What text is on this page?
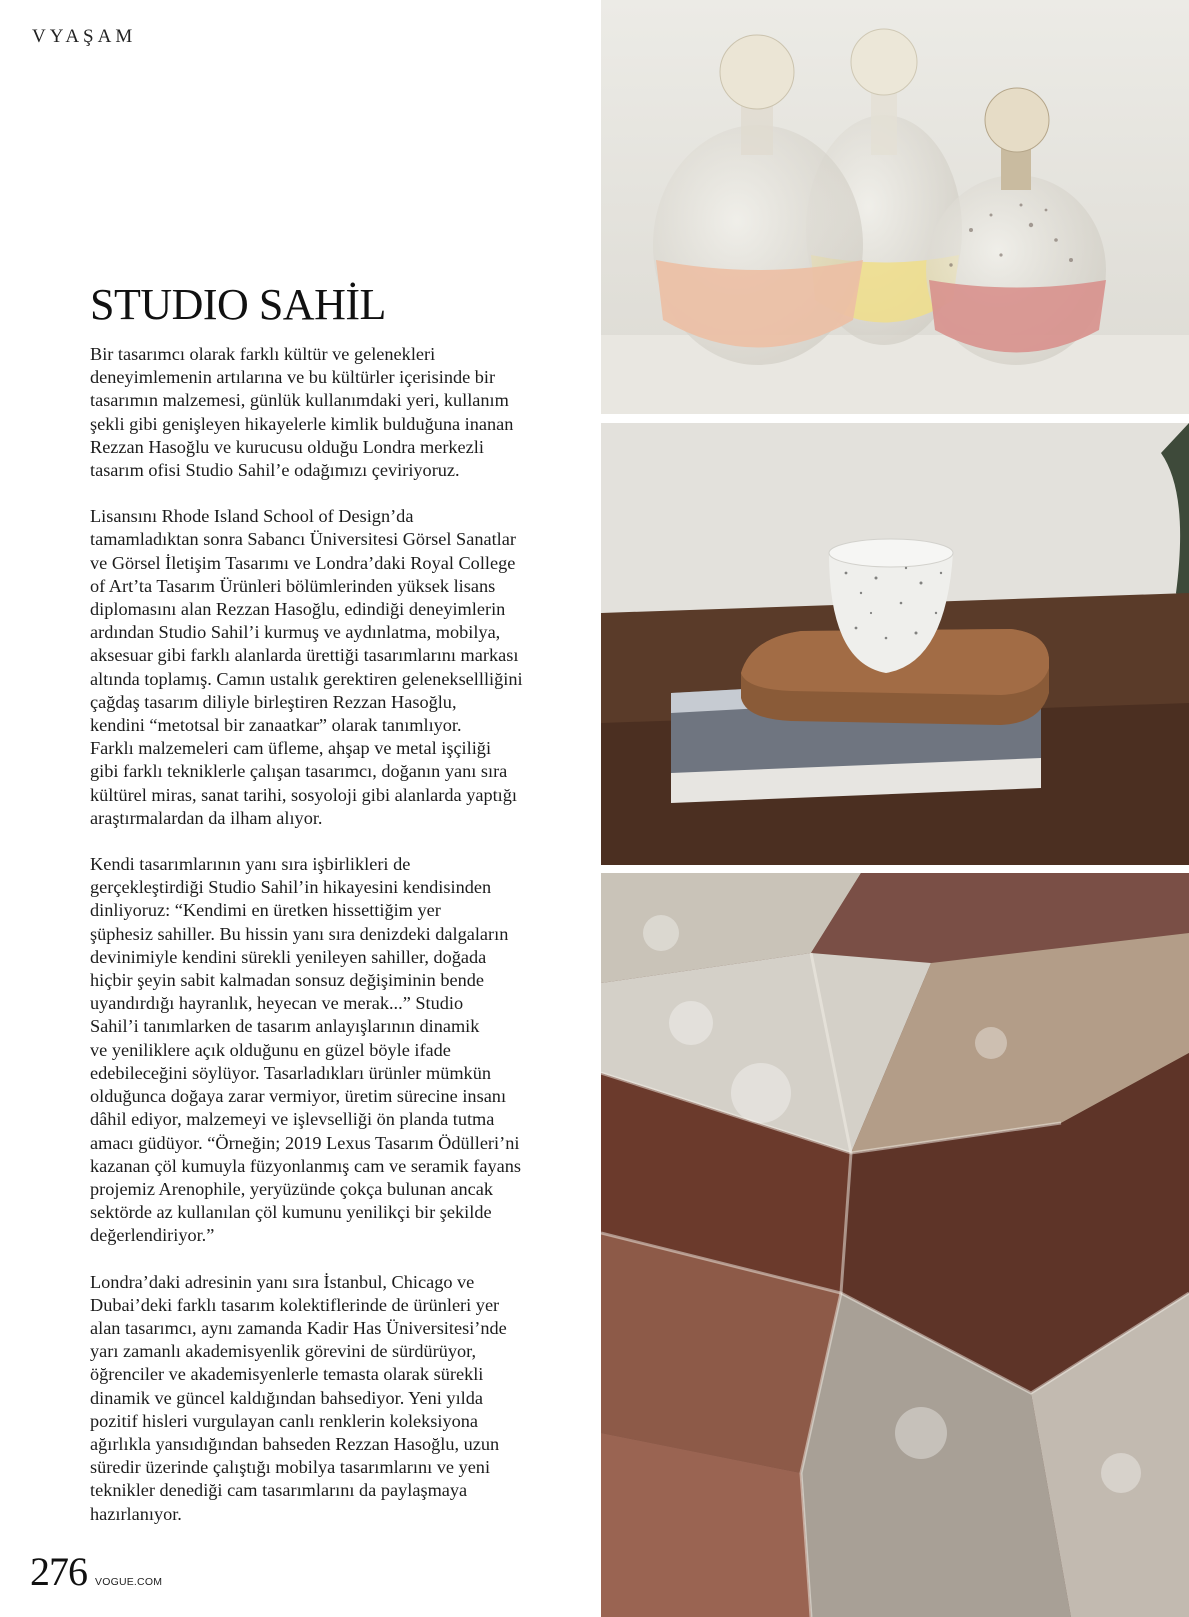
VYAŞAM
STUDIO SAHİL

Bir tasarımcı olarak farklı kültür ve gelenekleri
deneyimlemenin artılarına ve bu kültürler içerisinde bir
tasarımın malzemesi, günlük kullanımdaki yeri, kullanım
şekli gibi genişleyen hikayelerle kimlik bulduğuna inanan
Rezzan Hasoğlu ve kurucusu olduğu Londra merkezli
tasarım ofisi Studio Sahil’e odağımızı çeviriyoruz.

Lisansını Rhode Island School of Design’da
tamamladıktan sonra Sabancı Üniversitesi Görsel Sanatlar
ve Görsel İletişim Tasarımı ve Londra’daki Royal College
of Art’ta Tasarım Ürünleri bölümlerinden yüksek lisans
diplomasını alan Rezzan Hasoğlu, edindiği deneyimlerin
ardından Studio Sahil’i kurmuş ve aydınlatma, mobilya,
aksesuar gibi farklı alanlarda ürettiği tasarımlarını markası
altında toplamış. Camın ustalık gerektiren geleneksellliğini
çağdaş tasarım diliyle birleştiren Rezzan Hasoğlu,
kendini “metotsal bir zanaatkar” olarak tanımlıyor.
Farklı malzemeleri cam üfleme, ahşap ve metal işçiliği
gibi farklı tekniklerle çalışan tasarımcı, doğanın yanı sıra
kültürel miras, sanat tarihi, sosyoloji gibi alanlarda yaptığı
araştırmalardan da ilham alıyor.

Kendi tasarımlarının yanı sıra işbirlikleri de
gerçekleştirdiği Studio Sahil’in hikayesini kendisinden
dinliyoruz: “Kendimi en üretken hissettiğim yer
şüphesiz sahiller. Bu hissin yanı sıra denizdeki dalgaların
devinimiyle kendini sürekli yenileyen sahiller, doğada
hiçbir şeyin sabit kalmadan sonsuz değişiminin bende
uyandırdığı hayranlık, heyecan ve merak...” Studio
Sahil’i tanımlarken de tasarım anlayışlarının dinamik
ve yeniliklere açık olduğunu en güzel böyle ifade
edebileceğini söylüyor. Tasarladıkları ürünler mümkün
olduğunca doğaya zarar vermiyor, üretim sürecine insanı
dâhil ediyor, malzemeyi ve işlevselliği ön planda tutma
amacı güdüyor. “Örneğin; 2019 Lexus Tasarım Ödülleri’ni
kazanan çöl kumuyla füzyonlanmış cam ve seramik fayans
projemiz Arenophile, yeryüzünde çokça bulunan ancak
sektörde az kullanılan çöl kumunu yenilikçi bir şekilde
değerlendiriyor.”

Londra’daki adresinin yanı sıra İstanbul, Chicago ve
Dubai’deki farklı tasarım kolektiflerinde de ürünleri yer
alan tasarımcı, aynı zamanda Kadir Has Üniversitesi’nde
yarı zamanlı akademisyenlik görevini de sürdürüyor,
öğrenciler ve akademisyenlerle temasta olarak sürekli
dinamik ve güncel kaldığından bahsediyor. Yeni yılda
pozitif hisleri vurgulayan canlı renklerin koleksiyona
ağırlıkla yansıdığından bahseden Rezzan Hasoğlu, uzun
süredir üzerinde çalıştığı mobilya tasarımlarını ve yeni
teknikler denediği cam tasarımlarını da paylaşmaya
hazırlanıyor.

276 VOGUE.COM
